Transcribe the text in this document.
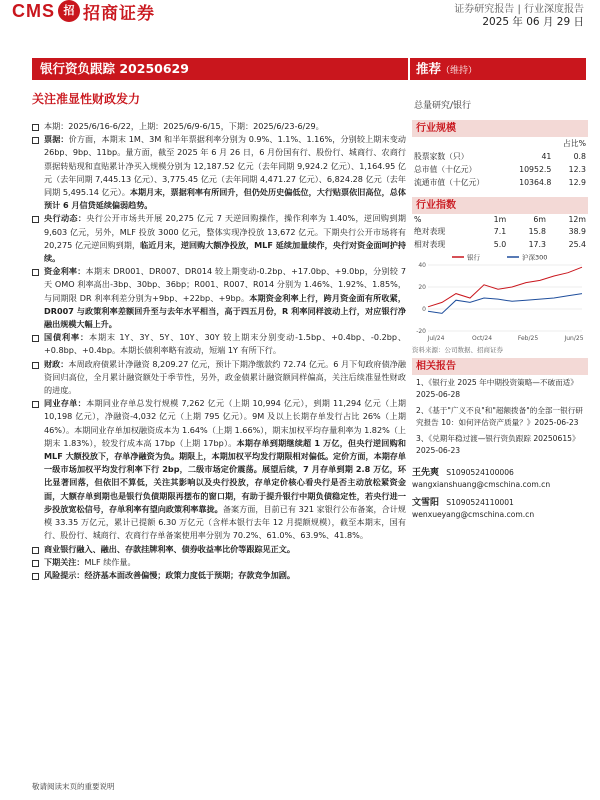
CMS 招 招商证券	证券研究报告 | 行业深度报告
2025 年 06 月 29 日
银行资负跟踪 20250629	推荐（维持）
关注准显性财政发力	总量研究/银行

本期：2025/6/16-6/22，上期：2025/6/9-6/15，下期：2025/6/23-6/29。

票据：价方面，本期末 1M、3M 和半年票据利率分别为 0.9%、1.1%、1.16%，分别较上期末变动 26bp、9bp、11bp。量方面，截至 2025 年 6 月 26 日，6 月份国有行、股份行、城商行、农商行票据转贴现和直贴累计净买入规模分别为 12,187.52 亿元（去年同期 9,924.2 亿元）、1,164.95 亿元（去年同期 7,445.13 亿元）、3,775.45 亿元（去年同期 4,471.27 亿元）、6,824.28 亿元（去年同期 5,495.14 亿元）。本期月末，票据利率有所回升，但仍处历史偏低位，大行贴票依旧高位，总体预计 6 月信贷延续偏弱趋势。

央行动态：央行公开市场共开展 20,275 亿元 7 天逆回购操作，操作利率为 1.40%，逆回购到期 9,603 亿元，另外，MLF 投放 3000 亿元，整体实现净投放 13,672 亿元。下期央行公开市场将有 20,275 亿元逆回购到期，临近月末，逆回购大额净投放，MLF 延续加量续作，央行对资金面呵护持续。

资金利率：本期末 DR001、DR007、DR014 较上期变动-0.2bp、+17.0bp、+9.0bp，分别较 7 天 OMO 利率高出-3bp、30bp、36bp；R001、R007、R014 分别为 1.46%、1.92%、1.85%，与同期限 DR 利率利差分别为+9bp、+22bp、+9bp。本期资金利率上行，跨月资金面有所收紧，DR007 与政策利率差额回升至与去年水平相当，高于四五月份，R 利率同样波动上行，对应银行净融出规模大幅上升。

国债利率：本期末 1Y、3Y、5Y、10Y、30Y 较上期末分别变动-1.5bp、+0.4bp、-0.2bp、+0.8bp、+0.4bp。本期长债利率略有波动，短端 1Y 有所下行。

财政：本周政府债累计净融资 8,209.27 亿元，预计下期净缴款约 72.74 亿元。6 月下旬政府债净融资回归高位，全月累计融资额处于季节性，另外，政金债累计融资额同样偏高，关注后续准显性财政的进度。

同业存单：本期同业存单总发行规模 7,262 亿元（上期 10,994 亿元），到期 11,294 亿元（上期 10,198 亿元），净融资-4,032 亿元（上期 795 亿元）。9M 及以上长期存单发行占比 26%（上期 46%）。本期同业存单加权融资成本为 1.64%（上期 1.66%），期末加权平均存量利率为 1.82%（上期末 1.83%），较发行成本高 17bp（上期 17bp）。本期存单到期继续超 1 万亿，但央行逆回购和 MLF 大额投放下，存单净融资为负。期限上，本期加权平均发行期限相对偏低。定价方面，本期存单一级市场加权平均发行利率下行 2bp，二级市场定价震荡。展望后续，7 月存单到期 2.8 万亿，环比显著回落，但依旧不算低，关注其影响以及央行投放，存单定价核心看央行是否主动放松紧资金面，大额存单到期也是银行负债期限再摆布的窗口期，有助于提升银行中期负债稳定性，若央行进一步投放宽松信号，存单利率有望向政策利率靠拢。备案方面，目前已有 321 家银行公布备案，合计规模 33.35 万亿元，累计已提额 6.30 万亿元（含样本银行去年 12 月提额规模），截至本期末，国有行、股份行、城商行、农商行存单备案使用率分别为 70.2%、61.0%、63.9%、41.8%。

商业银行融入、融出、存款挂牌利率、债券收益率比价等跟踪见正文。

下期关注：MLF 续作量。

风险提示：经济基本面改善偏慢；政策力度低于预期；存款竞争加剧。

行业规模
		占比%
股票家数（只）	41	0.8
总市值（十亿元）	10952.5	12.3
流通市值（十亿元）	10364.8	12.9
行业指数
%	1m	6m	12m
绝对表现	7.1	15.8	38.9
相对表现	5.0	17.3	25.4
银行	沪深300
40
20
0
-20
Jul/24	Oct/24	Feb/25	Jun/25
资料来源：公司数据、招商证券
相关报告
1、《银行业 2025 年中期投资策略—不破而适》2025-06-28
2、《基于"广义不良"和"超额拨备"的全部一银行研究报告 10：如何评估资产质量？》2025-06-23
3、《兑期年稳过渡—银行资负跟踪 20250615》2025-06-23
王先爽 S1090524100006
wangxianshuang@cmschina.com.cn
文雪阳 S1090524110001
wenxueyang@cmschina.com.cn
敬请阅读末页的重要说明
